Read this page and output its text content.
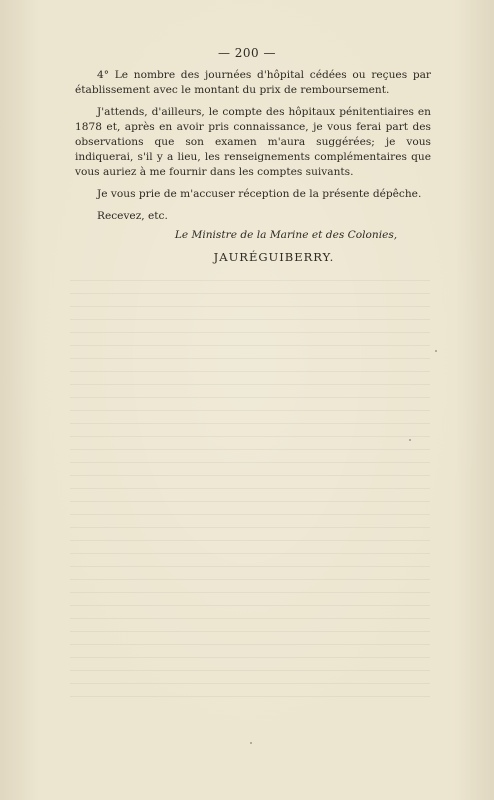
— 200 —

4° Le nombre des journées d'hôpital cédées ou reçues par établissement avec le montant du prix de remboursement.

J'attends, d'ailleurs, le compte des hôpitaux pénitentiaires en 1878 et, après en avoir pris connaissance, je vous ferai part des observations que son examen m'aura suggérées; je vous indiquerai, s'il y a lieu, les renseignements complémentaires que vous auriez à me fournir dans les comptes suivants.

Je vous prie de m'accuser réception de la présente dépêche.

Recevez, etc.

Le Ministre de la Marine et des Colonies,
JAURÉGUIBERRY.
